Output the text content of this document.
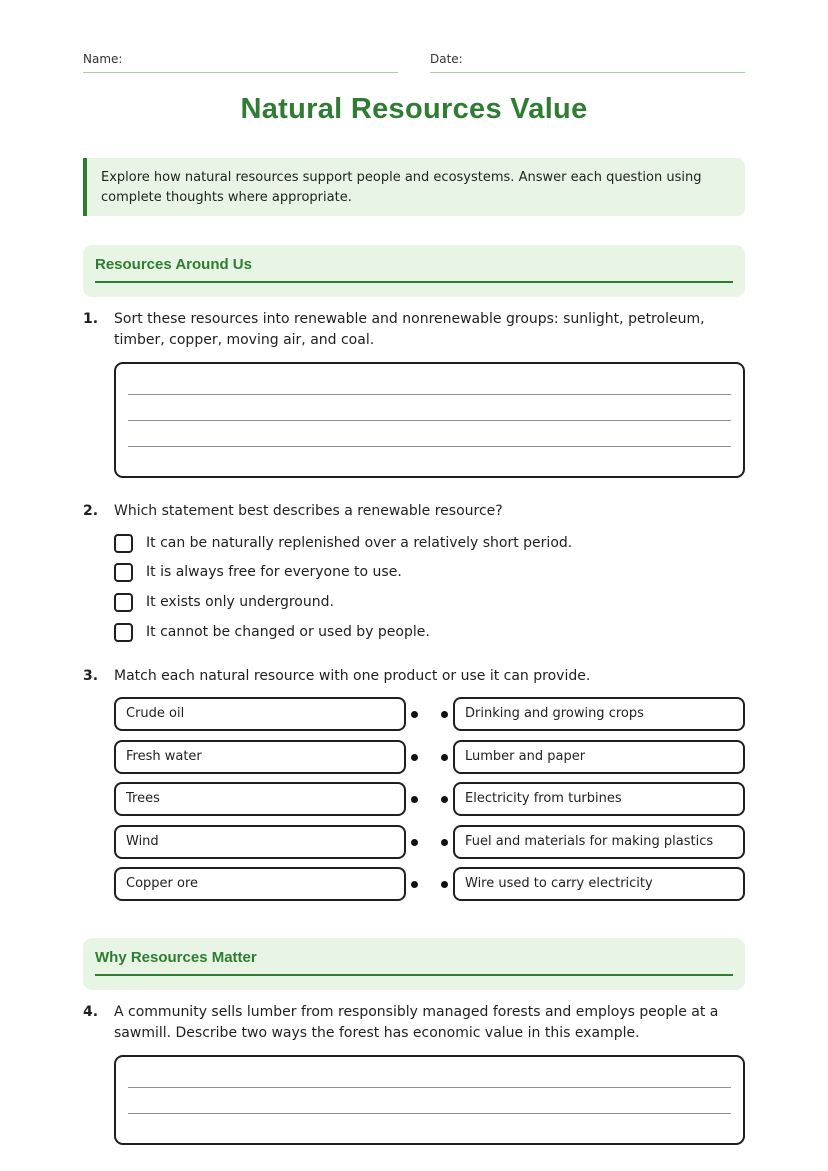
Name:	Date:
Natural Resources Value
Explore how natural resources support people and ecosystems. Answer each question using complete thoughts where appropriate.
Resources Around Us
1. Sort these resources into renewable and nonrenewable groups: sunlight, petroleum, timber, copper, moving air, and coal.
2. Which statement best describes a renewable resource?
It can be naturally replenished over a relatively short period.
It is always free for everyone to use.
It exists only underground.
It cannot be changed or used by people.
3. Match each natural resource with one product or use it can provide.
Crude oil
Fresh water
Trees
Wind
Copper ore
Drinking and growing crops
Lumber and paper
Electricity from turbines
Fuel and materials for making plastics
Wire used to carry electricity
Why Resources Matter
4. A community sells lumber from responsibly managed forests and employs people at a sawmill. Describe two ways the forest has economic value in this example.
